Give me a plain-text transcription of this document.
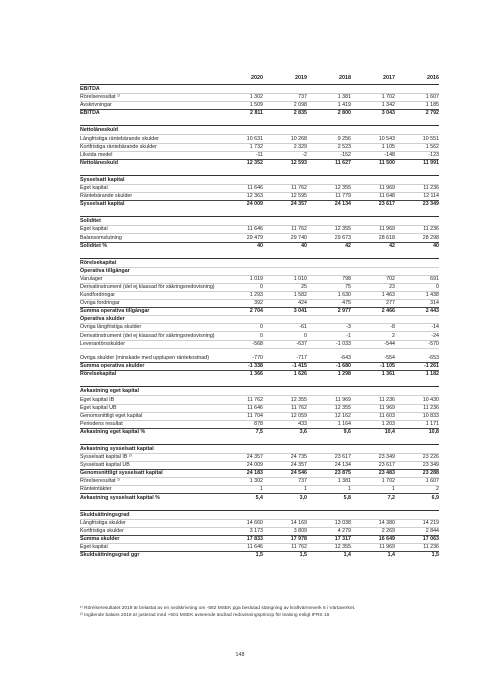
2020	2019	2018	2017	2016
EBITDA
Rörelseresultat ¹⁾	1 302	737	1 381	1 702	1 607
Avskrivningar	1 509	2 098	1 419	1 342	1 185
EBITDA	2 811	2 835	2 800	3 043	2 792
Nettolåneskuld
Långfristiga räntebärande skulder	10 631	10 268	9 256	10 543	10 551
Kortfristiga räntebärande skulder	1 732	2 329	2 523	1 105	1 562
Likvida medel	-11	-2	-152	-148	-123
Nettolåneskuld	12 352	12 593	11 627	11 500	11 991
Sysselsatt kapital
Eget kapital	11 646	11 762	12 355	11 969	11 236
Räntebärande skulder	12 363	12 595	11 779	11 648	12 114
Sysselsatt kapital	24 009	24 357	24 134	23 617	23 349
Soliditet
Eget kapital	11 646	11 762	12 355	11 969	11 236
Balansomslutning	29 479	29 740	29 673	28 618	28 298
Soliditet %	40	40	42	42	40
Rörelsekapital
Operativa tillgångar
Varulager	1 019	1 010	798	702	691
Derivatinstrument (del ej klassad för säkringsredovisning)	0	25	75	23	0
Kundfordringar	1 293	1 582	1 630	1 463	1 438
Övriga fordringar	392	424	475	277	314
Summa operativa tillgångar	2 704	3 041	2 977	2 466	2 443
Operativa skulder
Övriga långfristiga skulder	0	-61	-3	-8	-14
Derivatinstrument (del ej klassad för säkringsredovisning)	0	0	-1	2	-24
Leverantörsskulder	-568	-637	-1 033	-544	-570
Övriga skulder (minskade med upplupen räntekostnad)	-770	-717	-643	-554	-653
Summa operativa skulder	-1 338	-1 415	-1 680	-1 105	-1 261
Rörelsekapital	1 366	1 626	1 298	1 361	1 182
Avkastning eget kapital
Eget kapital IB	11 762	12 355	11 969	11 236	10 430
Eget kapital UB	11 646	11 762	12 355	11 969	11 236
Genomsnittligt eget kapital	11 704	12 059	12 162	11 603	10 833
Periodens resultat	878	433	1 164	1 203	1 171
Avkastning eget kapital %	7,5	3,6	9,6	10,4	10,8
Avkastning sysselsatt kapital
Sysselsatt kapital IB ²⁾	24 357	24 735	23 617	23 349	23 226
Sysselsatt kapital UB	24 009	24 357	24 134	23 617	23 349
Genomsnittligt sysselsatt kapital	24 183	24 546	23 875	23 483	23 288
Rörelseresultat ¹⁾	1 302	737	1 381	1 702	1 607
Ränteintäkter	1	1	1	1	2
Avkastning sysselsatt kapital %	5,4	3,0	5,8	7,2	6,9
Skuldsättningsgrad
Långfristiga skulder	14 660	14 169	13 038	14 380	14 219
Kortfristiga skulder	3 173	3 809	4 279	2 269	2 844
Summa skulder	17 833	17 978	17 317	16 649	17 063
Eget kapital	11 646	11 762	12 355	11 969	11 236
Skuldsättningsgrad ggr	1,5	1,5	1,4	1,4	1,5
¹⁾ Rörelseresultatet 2019 är belastat av en nedskrivning om -582 MSEK pga beslutad stängning av kraftvärmeverk 6 i Värtaverket.
²⁾ Ingående balans 2019 är justerad med +601 MSEK avseende ändrad redovisningsprincip för leasing enligt IFRS 16
148
